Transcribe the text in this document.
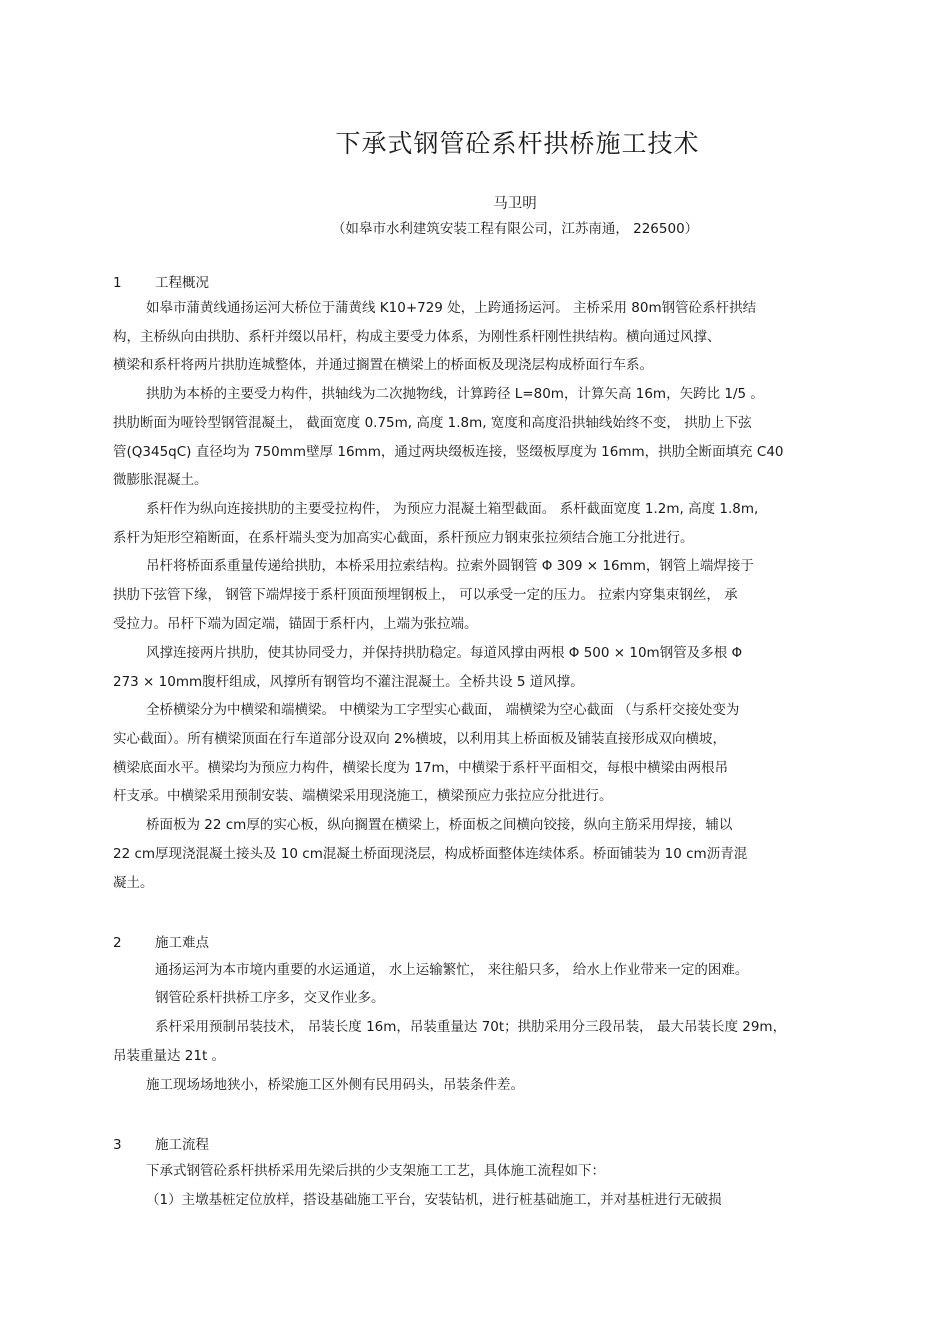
下承式钢管砼系杆拱桥施工技术
马卫明
（如皋市水利建筑安装工程有限公司，江苏南通， 226500）
1 工程概况
如皋市蒲黄线通扬运河大桥位于蒲黄线 K10+729 处，上跨通扬运河。 主桥采用 80m钢管砼系杆拱结
构，主桥纵向由拱肋、系杆并缀以吊杆，构成主要受力体系，为刚性系杆刚性拱结构。横向通过风撑、
横梁和系杆将两片拱肋连城整体，并通过搁置在横梁上的桥面板及现浇层构成桥面行车系。
拱肋为本桥的主要受力构件，拱轴线为二次抛物线，计算跨径 L=80m，计算矢高 16m，矢跨比 1/5 。
拱肋断面为哑铃型钢管混凝土， 截面宽度 0.75m, 高度 1.8m, 宽度和高度沿拱轴线始终不变， 拱肋上下弦
管(Q345qC) 直径均为 750mm壁厚 16mm，通过两块缀板连接，竖缀板厚度为 16mm，拱肋全断面填充 C40
微膨胀混凝土。
系杆作为纵向连接拱肋的主要受拉构件， 为预应力混凝土箱型截面。 系杆截面宽度 1.2m, 高度 1.8m,
系杆为矩形空箱断面，在系杆端头变为加高实心截面，系杆预应力钢束张拉须结合施工分批进行。
吊杆将桥面系重量传递给拱肋，本桥采用拉索结构。拉索外圆钢管 Φ 309 × 16mm，钢管上端焊接于
拱肋下弦管下缘， 钢管下端焊接于系杆顶面预埋钢板上， 可以承受一定的压力。 拉索内穿集束钢丝， 承
受拉力。吊杆下端为固定端，锚固于系杆内，上端为张拉端。
风撑连接两片拱肋，使其协同受力，并保持拱肋稳定。每道风撑由两根 Φ 500 × 10m钢管及多根 Φ
273 × 10mm腹杆组成，风撑所有钢管均不灌注混凝土。全桥共设 5 道风撑。
全桥横梁分为中横梁和端横梁。 中横梁为工字型实心截面， 端横梁为空心截面 （与系杆交接处变为
实心截面）。所有横梁顶面在行车道部分设双向 2%横坡，以利用其上桥面板及铺装直接形成双向横坡，
横梁底面水平。横梁均为预应力构件，横梁长度为 17m，中横梁于系杆平面相交，每根中横梁由两根吊
杆支承。中横梁采用预制安装、端横梁采用现浇施工，横梁预应力张拉应分批进行。
桥面板为 22 cm厚的实心板，纵向搁置在横梁上，桥面板之间横向铰接，纵向主筋采用焊接，辅以
22 cm厚现浇混凝土接头及 10 cm混凝土桥面现浇层，构成桥面整体连续体系。桥面铺装为 10 cm沥青混
凝土。
2 施工难点
通扬运河为本市境内重要的水运通道， 水上运输繁忙， 来往船只多， 给水上作业带来一定的困难。
钢管砼系杆拱桥工序多，交叉作业多。
系杆采用预制吊装技术， 吊装长度 16m，吊装重量达 70t；拱肋采用分三段吊装， 最大吊装长度 29m，
吊装重量达 21t 。
施工现场场地狭小，桥梁施工区外侧有民用码头，吊装条件差。
3 施工流程
下承式钢管砼系杆拱桥采用先梁后拱的少支架施工工艺，具体施工流程如下：
（1）主墩基桩定位放样，搭设基础施工平台，安装钻机，进行桩基础施工，并对基桩进行无破损
